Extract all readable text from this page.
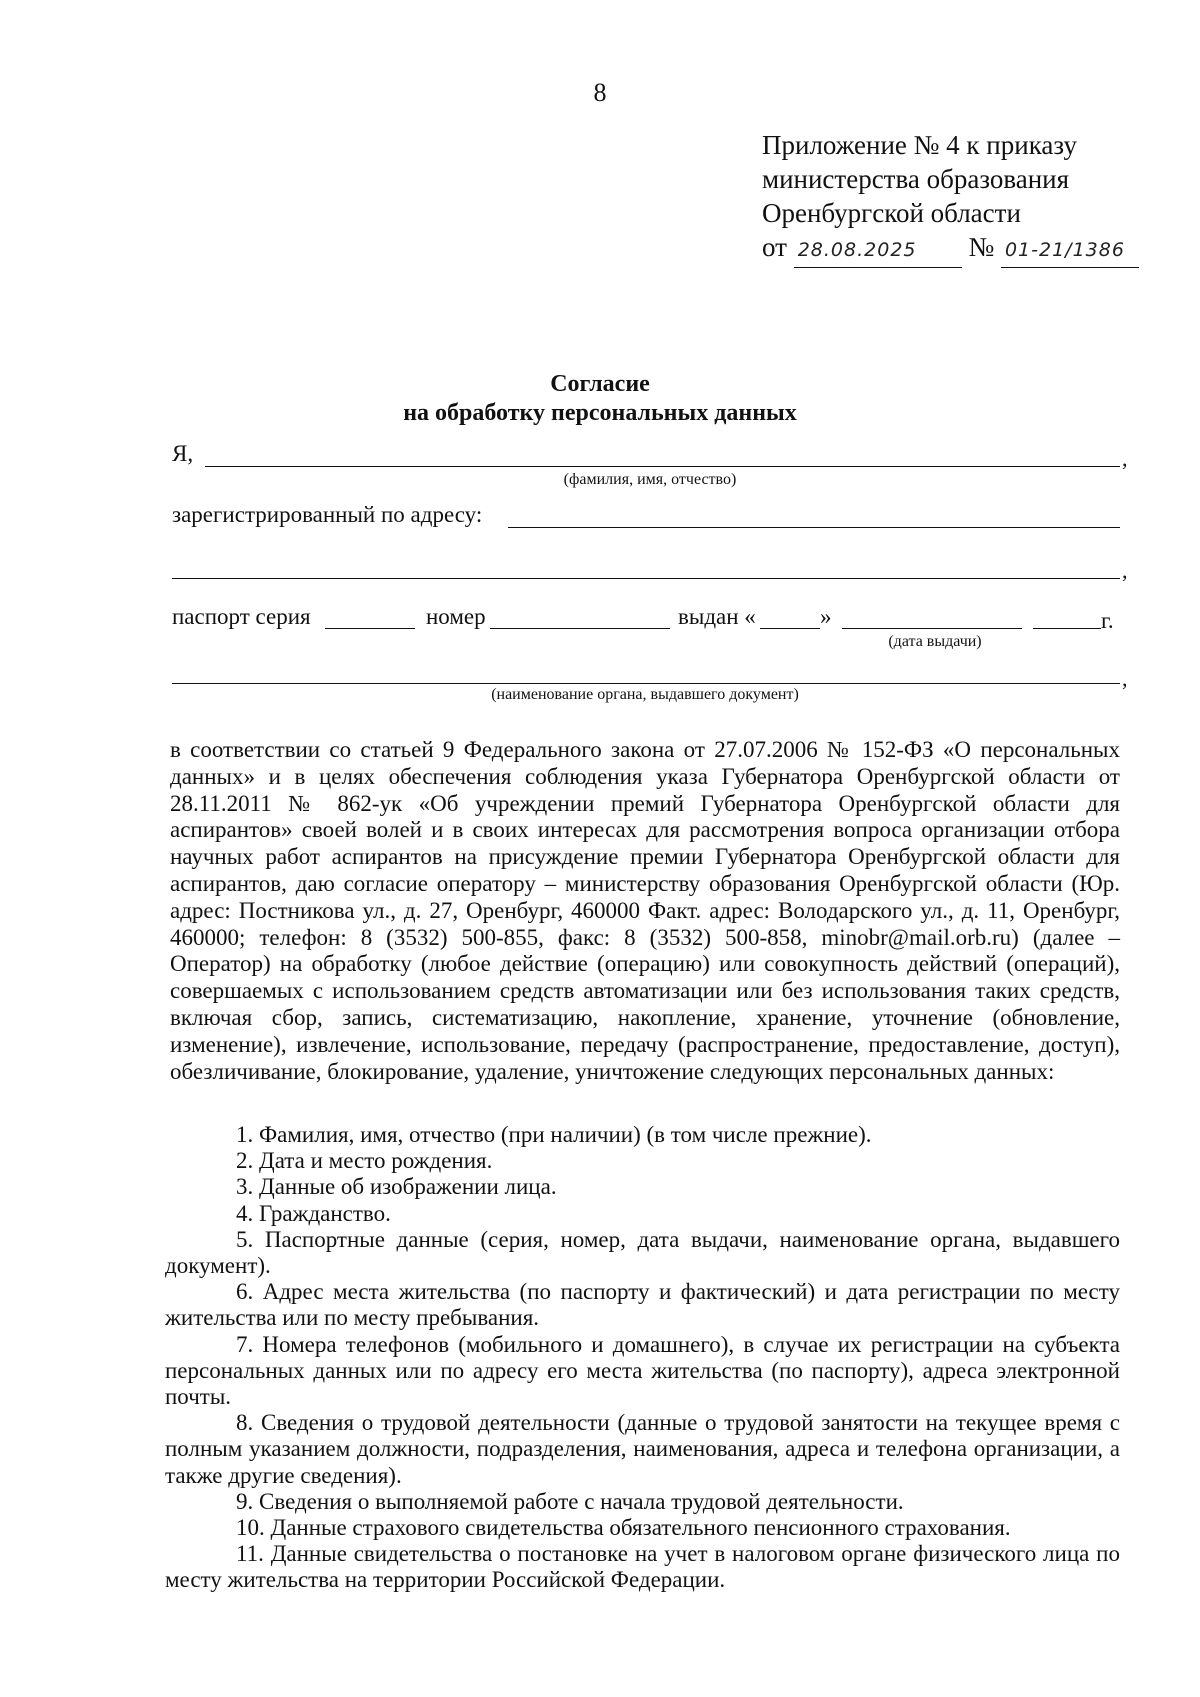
8
Приложение № 4 к приказу
министерства образования
Оренбургской области
от 28.08.2025 № 01-21/1386
Согласие
на обработку персональных данных
Я,	,
(фамилия, имя, отчество)
зарегистрированный по адресу:
,
паспорт серия	номер	выдан «	»	г.
(дата выдачи)
,
(наименование органа, выдавшего документ)

в соответствии со статьей 9 Федерального закона от 27.07.2006 № 152-ФЗ «О персональных данных» и в целях обеспечения соблюдения указа Губернатора Оренбургской области от 28.11.2011 № 862-ук «Об учреждении премий Губернатора Оренбургской области для аспирантов» своей волей и в своих интересах для рассмотрения вопроса организации отбора научных работ аспирантов на присуждение премии Губернатора Оренбургской области для аспирантов, даю согласие оператору – министерству образования Оренбургской области (Юр. адрес: Постникова ул., д. 27, Оренбург, 460000 Факт. адрес: Володарского ул., д. 11, Оренбург, 460000; телефон: 8 (3532) 500-855, факс: 8 (3532) 500-858, minobr@mail.orb.ru) (далее – Оператор) на обработку (любое действие (операцию) или совокупность действий (операций), совершаемых с использованием средств автоматизации или без использования таких средств, включая сбор, запись, систематизацию, накопление, хранение, уточнение (обновление, изменение), извлечение, использование, передачу (распространение, предоставление, доступ), обезличивание, блокирование, удаление, уничтожение следующих персональных данных:

1. Фамилия, имя, отчество (при наличии) (в том числе прежние).

2. Дата и место рождения.

3. Данные об изображении лица.

4. Гражданство.

5. Паспортные данные (серия, номер, дата выдачи, наименование органа, выдавшего документ).

6. Адрес места жительства (по паспорту и фактический) и дата регистрации по месту жительства или по месту пребывания.

7. Номера телефонов (мобильного и домашнего), в случае их регистрации на субъекта персональных данных или по адресу его места жительства (по паспорту), адреса электронной почты.

8. Сведения о трудовой деятельности (данные о трудовой занятости на текущее время с полным указанием должности, подразделения, наименования, адреса и телефона организации, а также другие сведения).

9. Сведения о выполняемой работе с начала трудовой деятельности.

10. Данные страхового свидетельства обязательного пенсионного страхования.

11. Данные свидетельства о постановке на учет в налоговом органе физического лица по месту жительства на территории Российской Федерации.
